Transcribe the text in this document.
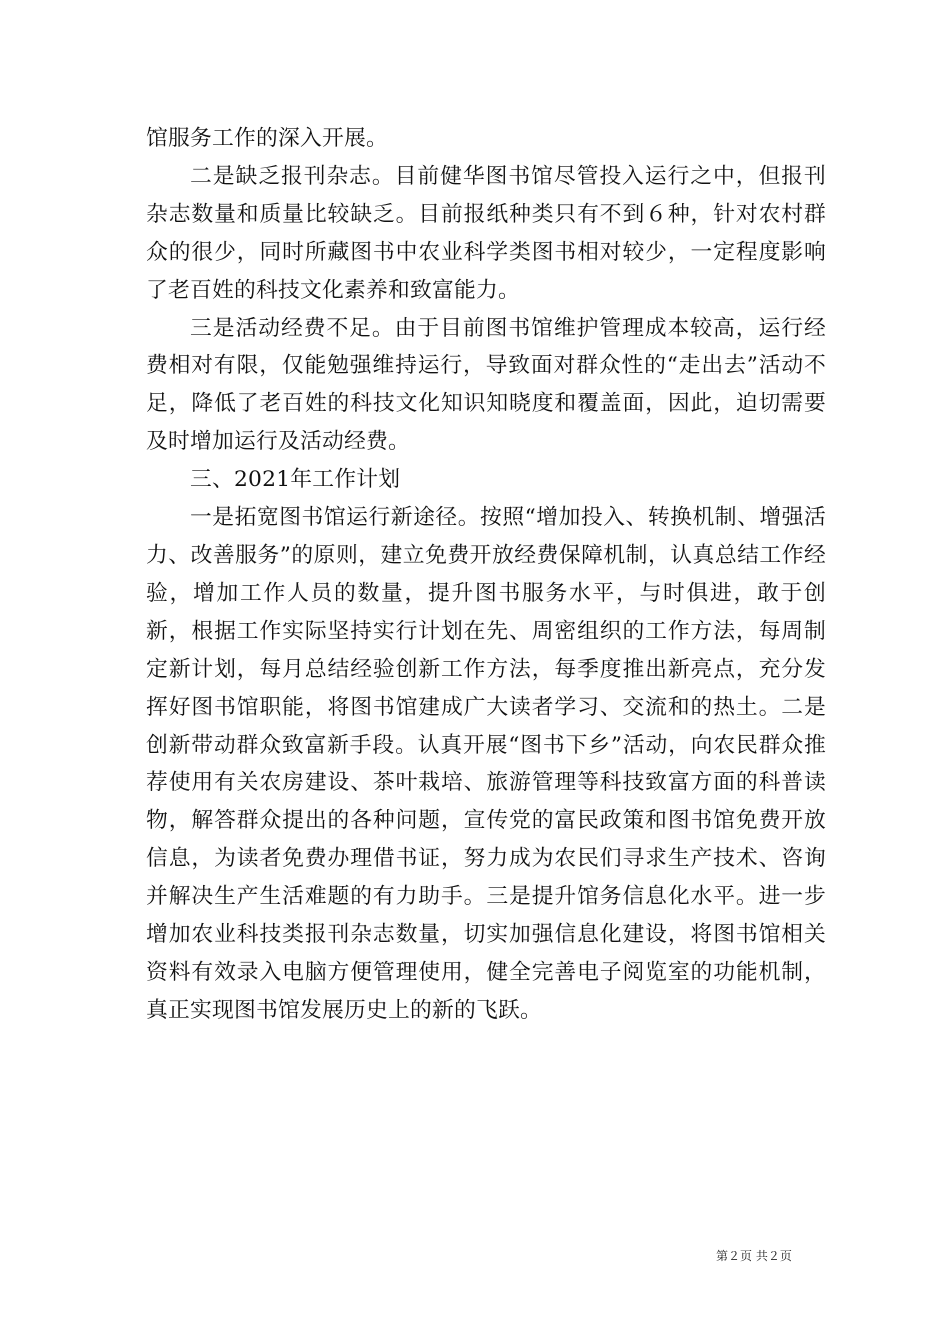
馆服务工作的深入开展。

二是缺乏报刊杂志。目前健华图书馆尽管投入运行之中，但报刊杂志数量和质量比较缺乏。目前报纸种类只有不到６种，针对农村群众的很少，同时所藏图书中农业科学类图书相对较少，一定程度影响了老百姓的科技文化素养和致富能力。

三是活动经费不足。由于目前图书馆维护管理成本较高，运行经费相对有限，仅能勉强维持运行，导致面对群众性的“走出去”活动不足，降低了老百姓的科技文化知识知晓度和覆盖面，因此，迫切需要及时增加运行及活动经费。

三、2021年工作计划

一是拓宽图书馆运行新途径。按照“增加投入、转换机制、增强活力、改善服务”的原则，建立免费开放经费保障机制，认真总结工作经验，增加工作人员的数量，提升图书服务水平，与时俱进，敢于创新，根据工作实际坚持实行计划在先、周密组织的工作方法，每周制定新计划，每月总结经验创新工作方法，每季度推出新亮点，充分发挥好图书馆职能，将图书馆建成广大读者学习、交流和的热土。二是创新带动群众致富新手段。认真开展“图书下乡”活动，向农民群众推荐使用有关农房建设、茶叶栽培、旅游管理等科技致富方面的科普读物，解答群众提出的各种问题，宣传党的富民政策和图书馆免费开放信息，为读者免费办理借书证，努力成为农民们寻求生产技术、咨询并解决生产生活难题的有力助手。三是提升馆务信息化水平。进一步增加农业科技类报刊杂志数量，切实加强信息化建设，将图书馆相关资料有效录入电脑方便管理使用，健全完善电子阅览室的功能机制，真正实现图书馆发展历史上的新的飞跃。

第２页 共２页
